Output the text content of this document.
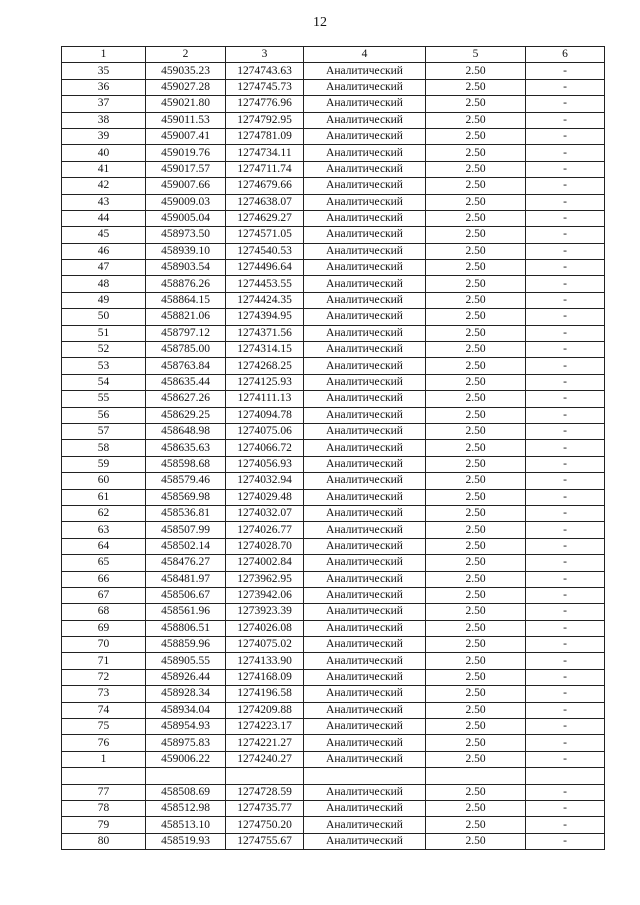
12
1	2	3	4	5	6
35	459035.23	1274743.63	Аналитический	2.50	-
36	459027.28	1274745.73	Аналитический	2.50	-
37	459021.80	1274776.96	Аналитический	2.50	-
38	459011.53	1274792.95	Аналитический	2.50	-
39	459007.41	1274781.09	Аналитический	2.50	-
40	459019.76	1274734.11	Аналитический	2.50	-
41	459017.57	1274711.74	Аналитический	2.50	-
42	459007.66	1274679.66	Аналитический	2.50	-
43	459009.03	1274638.07	Аналитический	2.50	-
44	459005.04	1274629.27	Аналитический	2.50	-
45	458973.50	1274571.05	Аналитический	2.50	-
46	458939.10	1274540.53	Аналитический	2.50	-
47	458903.54	1274496.64	Аналитический	2.50	-
48	458876.26	1274453.55	Аналитический	2.50	-
49	458864.15	1274424.35	Аналитический	2.50	-
50	458821.06	1274394.95	Аналитический	2.50	-
51	458797.12	1274371.56	Аналитический	2.50	-
52	458785.00	1274314.15	Аналитический	2.50	-
53	458763.84	1274268.25	Аналитический	2.50	-
54	458635.44	1274125.93	Аналитический	2.50	-
55	458627.26	1274111.13	Аналитический	2.50	-
56	458629.25	1274094.78	Аналитический	2.50	-
57	458648.98	1274075.06	Аналитический	2.50	-
58	458635.63	1274066.72	Аналитический	2.50	-
59	458598.68	1274056.93	Аналитический	2.50	-
60	458579.46	1274032.94	Аналитический	2.50	-
61	458569.98	1274029.48	Аналитический	2.50	-
62	458536.81	1274032.07	Аналитический	2.50	-
63	458507.99	1274026.77	Аналитический	2.50	-
64	458502.14	1274028.70	Аналитический	2.50	-
65	458476.27	1274002.84	Аналитический	2.50	-
66	458481.97	1273962.95	Аналитический	2.50	-
67	458506.67	1273942.06	Аналитический	2.50	-
68	458561.96	1273923.39	Аналитический	2.50	-
69	458806.51	1274026.08	Аналитический	2.50	-
70	458859.96	1274075.02	Аналитический	2.50	-
71	458905.55	1274133.90	Аналитический	2.50	-
72	458926.44	1274168.09	Аналитический	2.50	-
73	458928.34	1274196.58	Аналитический	2.50	-
74	458934.04	1274209.88	Аналитический	2.50	-
75	458954.93	1274223.17	Аналитический	2.50	-
76	458975.83	1274221.27	Аналитический	2.50	-
1	459006.22	1274240.27	Аналитический	2.50	-

77	458508.69	1274728.59	Аналитический	2.50	-
78	458512.98	1274735.77	Аналитический	2.50	-
79	458513.10	1274750.20	Аналитический	2.50	-
80	458519.93	1274755.67	Аналитический	2.50	-
